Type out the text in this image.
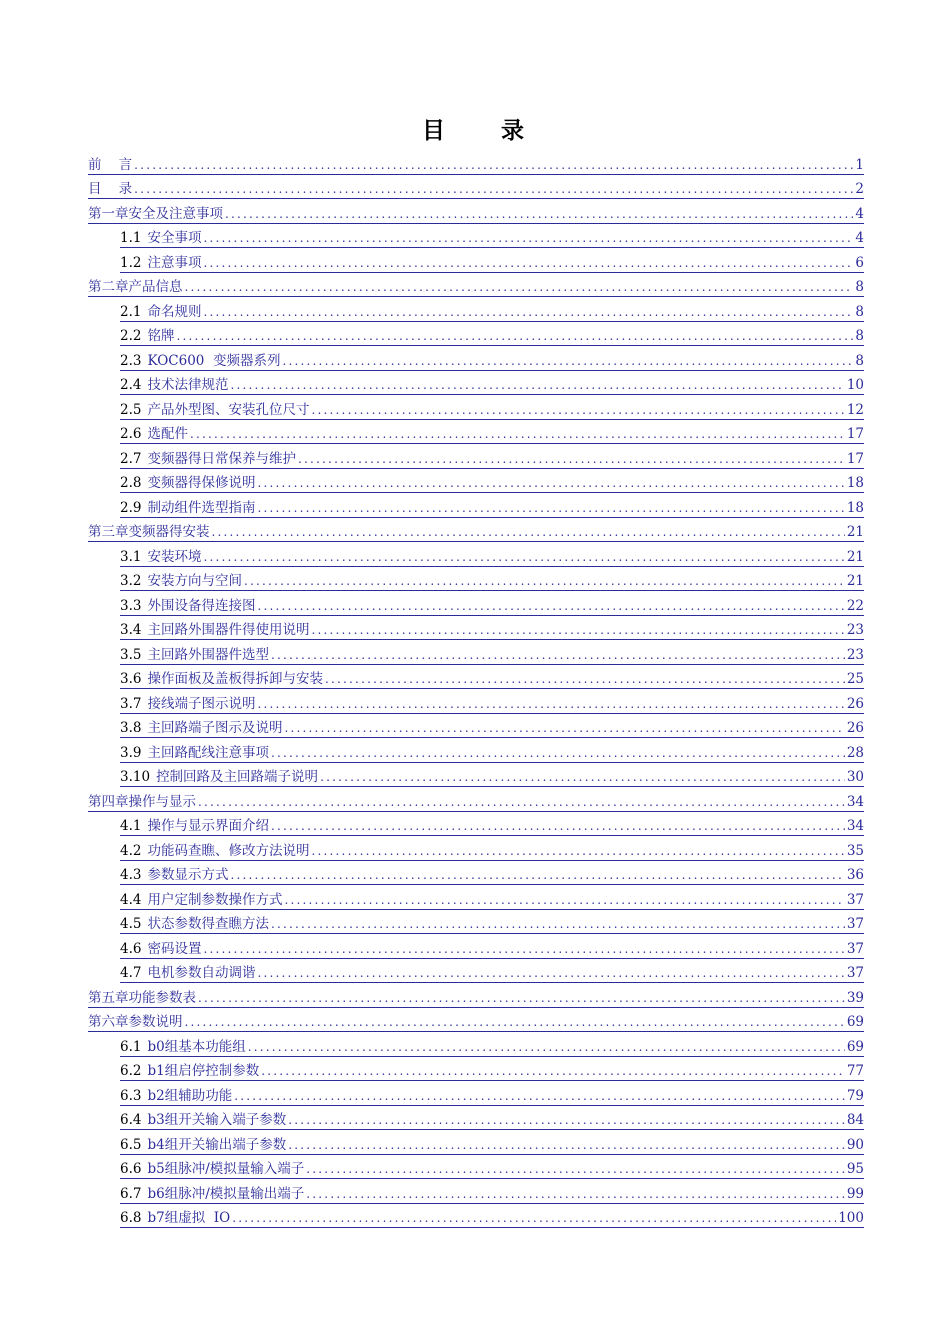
目 录
前    言 .....	1
目    录 .....	2
第一章安全及注意事项 .....	4
1.1 安全事项 .....	4
1.2 注意事项 .....	6
第二章产品信息 .....	8
2.1 命名规则 .....	8
2.2 铭牌 .....	8
2.3 KOC600  变频器系列 .....	8
2.4 技术法律规范 .....	10
2.5 产品外型图、安装孔位尺寸 .....	12
2.6 选配件 .....	17
2.7 变频器得日常保养与维护 .....	17
2.8 变频器得保修说明 .....	18
2.9 制动组件选型指南 .....	18
第三章变频器得安装 .....	21
3.1 安装环境 .....	21
3.2 安装方向与空间 .....	21
3.3 外围设备得连接图 .....	22
3.4 主回路外围器件得使用说明 .....	23
3.5 主回路外围器件选型 .....	23
3.6 操作面板及盖板得拆卸与安装 .....	25
3.7 接线端子图示说明 .....	26
3.8 主回路端子图示及说明 .....	26
3.9 主回路配线注意事项 .....	28
3.10 控制回路及主回路端子说明 .....	30
第四章操作与显示 .....	34
4.1 操作与显示界面介绍 .....	34
4.2 功能码查瞧、修改方法说明 .....	35
4.3 参数显示方式 .....	36
4.4 用户定制参数操作方式 .....	37
4.5 状态参数得查瞧方法 .....	37
4.6 密码设置 .....	37
4.7 电机参数自动调谐 .....	37
第五章功能参数表 .....	39
第六章参数说明 .....	69
6.1 b0组基本功能组 .....	69
6.2 b1组启停控制参数 .....	77
6.3 b2组辅助功能 .....	79
6.4 b3组开关输入端子参数 .....	84
6.5 b4组开关输出端子参数 .....	90
6.6 b5组脉冲/模拟量输入端子 .....	95
6.7 b6组脉冲/模拟量输出端子 .....	99
6.8 b7组虚拟  IO .....	100
